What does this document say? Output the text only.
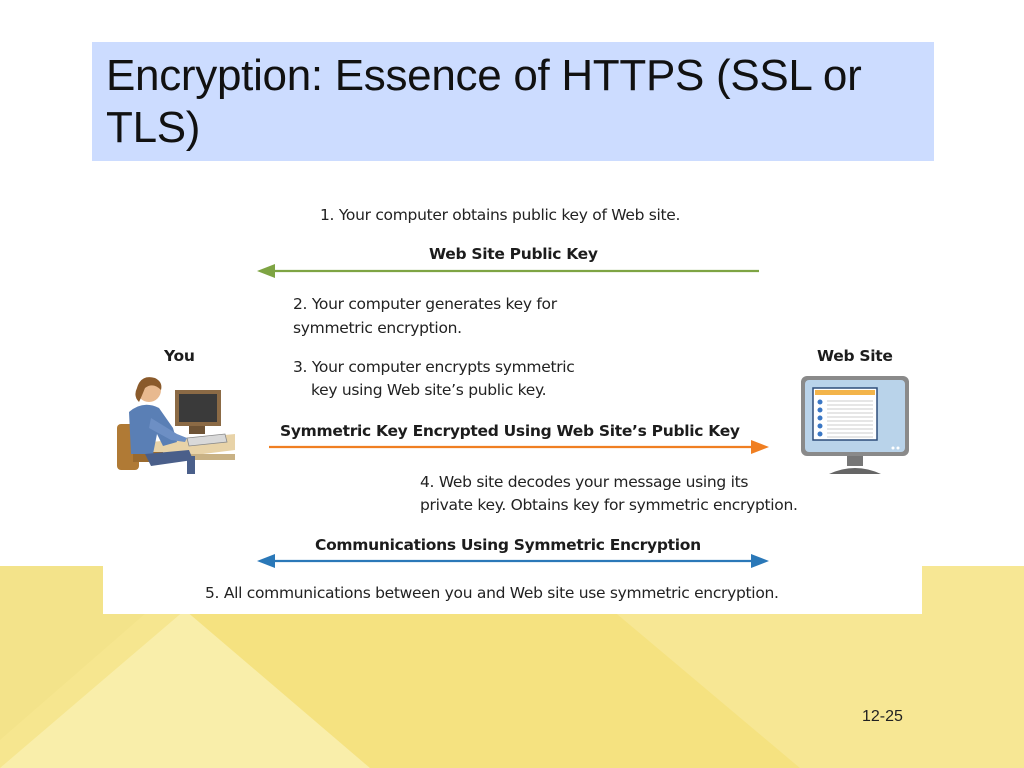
Encryption: Essence of HTTPS (SSL or TLS)
1. Your computer obtains public key of Web site.
Web Site Public Key
2. Your computer generates key for
symmetric encryption.
3. Your computer encrypts symmetric
key using Web site’s public key.
You	Web Site
Symmetric Key Encrypted Using Web Site’s Public Key
4. Web site decodes your message using its
private key. Obtains key for symmetric encryption.
Communications Using Symmetric Encryption
5. All communications between you and Web site use symmetric encryption.
12-25
